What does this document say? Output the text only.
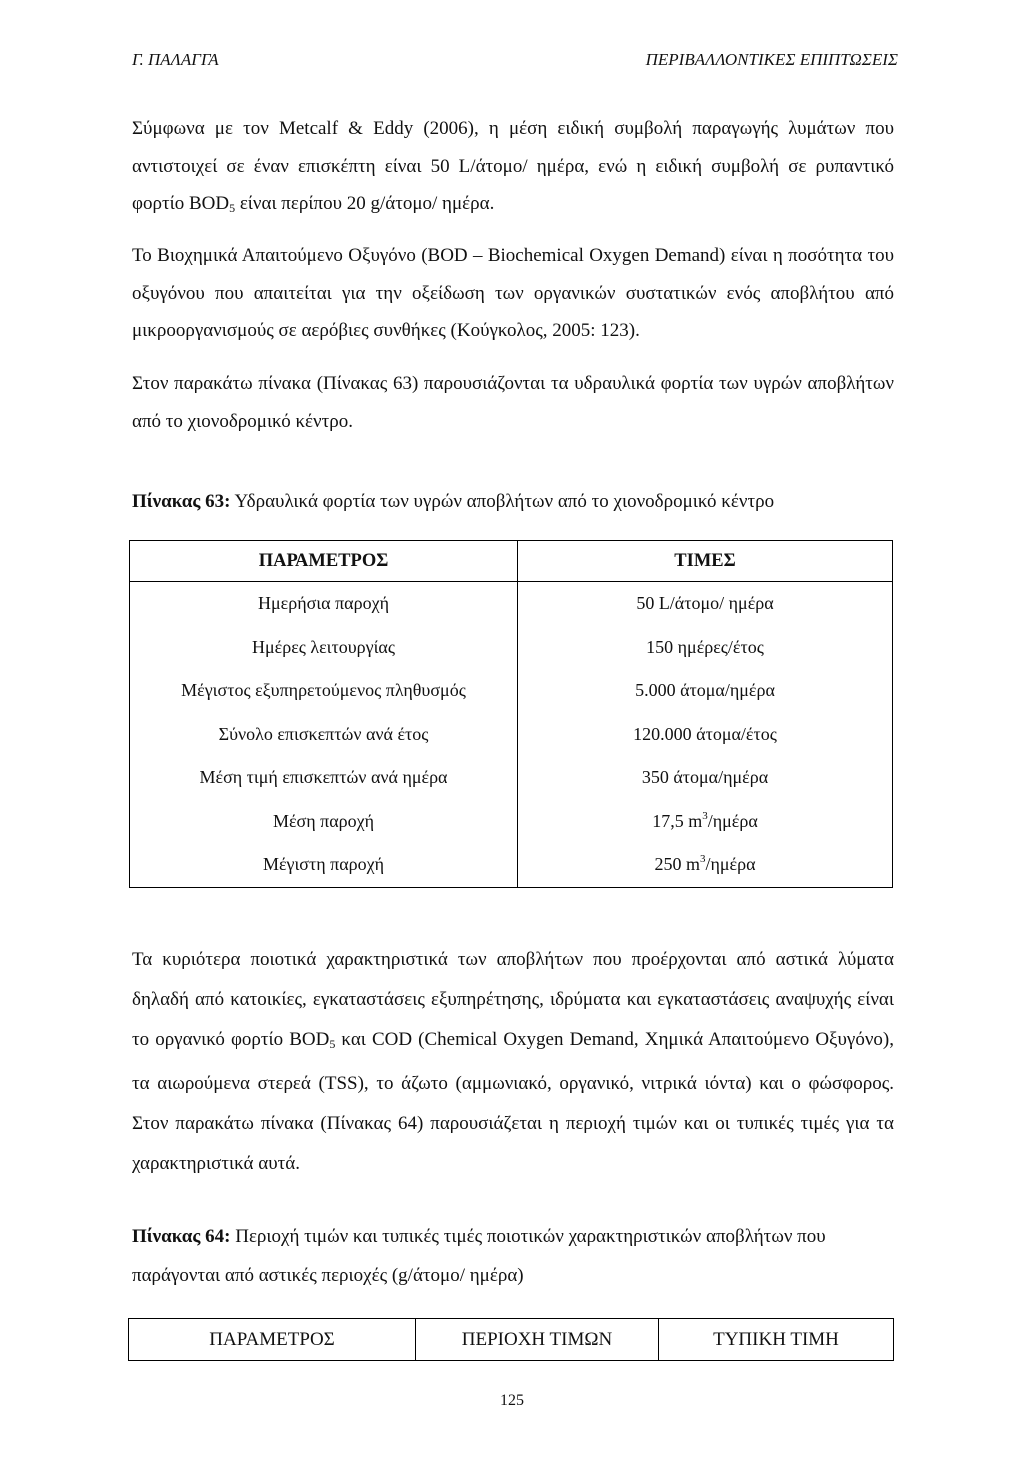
Γ. ΠΑΛΑΓΓΑ	ΠΕΡΙΒΑΛΛΟΝΤΙΚΕΣ ΕΠΙΠΤΩΣΕΙΣ

Σύμφωνα με τον Metcalf & Eddy (2006), η μέση ειδική συμβολή παραγωγής λυμάτων που αντιστοιχεί σε έναν επισκέπτη είναι 50 L/άτομο/ ημέρα, ενώ η ειδική συμβολή σε ρυπαντικό φορτίο $BOD_5$ είναι περίπου 20 g/άτομο/ ημέρα.

Το Βιοχημικά Απαιτούμενο Οξυγόνο (BOD – Biochemical Oxygen Demand) είναι η ποσότητα του οξυγόνου που απαιτείται για την οξείδωση των οργανικών συστατικών ενός αποβλήτου από μικροοργανισμούς σε αερόβιες συνθήκες (Κούγκολος, 2005: 123).

Στον παρακάτω πίνακα (Πίνακας 63) παρουσιάζονται τα υδραυλικά φορτία των υγρών αποβλήτων από το χιονοδρομικό κέντρο.

Πίνακας 63: Υδραυλικά φορτία των υγρών αποβλήτων από το χιονοδρομικό κέντρο

ΠΑΡΑΜΕΤΡΟΣ	ΤΙΜΕΣ
Ημερήσια παροχή	50 L/άτομο/ ημέρα
Ημέρες λειτουργίας	150 ημέρες/έτος
Μέγιστος εξυπηρετούμενος πληθυσμός	5.000 άτομα/ημέρα
Σύνολο επισκεπτών ανά έτος	120.000 άτομα/έτος
Μέση τιμή επισκεπτών ανά ημέρα	350 άτομα/ημέρα
Μέση παροχή	17,5 $m^3$/ημέρα
Μέγιστη παροχή	250 $m^3$/ημέρα

Τα κυριότερα ποιοτικά χαρακτηριστικά των αποβλήτων που προέρχονται από αστικά λύματα δηλαδή από κατοικίες, εγκαταστάσεις εξυπηρέτησης, ιδρύματα και εγκαταστάσεις αναψυχής είναι το οργανικό φορτίο $BOD_5$ και COD (Chemical Oxygen Demand, Χημικά Απαιτούμενο Οξυγόνο), τα αιωρούμενα στερεά (TSS), το άζωτο (αμμωνιακό, οργανικό, νιτρικά ιόντα) και ο φώσφορος. Στον παρακάτω πίνακα (Πίνακας 64) παρουσιάζεται η περιοχή τιμών και οι τυπικές τιμές για τα χαρακτηριστικά αυτά.

Πίνακας 64: Περιοχή τιμών και τυπικές τιμές ποιοτικών χαρακτηριστικών αποβλήτων που παράγονται από αστικές περιοχές (g/άτομο/ ημέρα)

ΠΑΡΑΜΕΤΡΟΣ	ΠΕΡΙΟΧΗ ΤΙΜΩΝ	ΤΥΠΙΚΗ ΤΙΜΗ
125
